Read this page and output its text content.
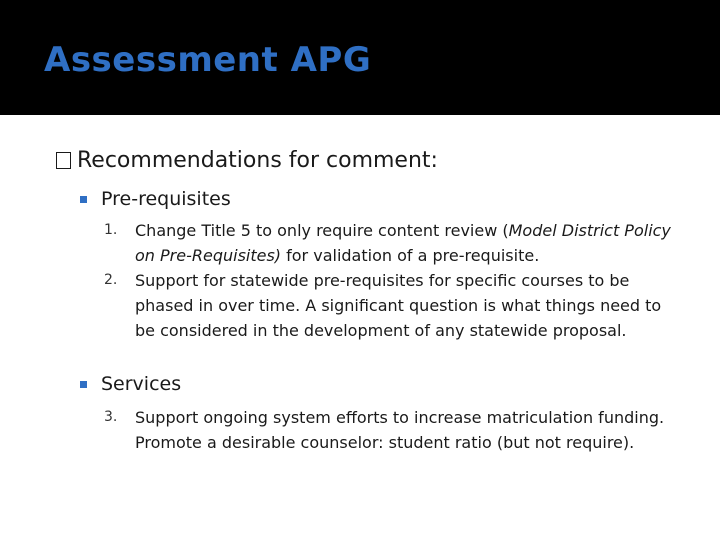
Assessment APG
Recommendations for comment:
Pre-requisites
1.	Change Title 5 to only require content review (Model District Policy on Pre-Requisites) for validation of a pre-requisite.
2.	Support for statewide pre-requisites for specific courses to be phased in over time. A significant question is what things need to be considered in the development of any statewide proposal.
Services
3.	Support ongoing system efforts to increase matriculation funding. Promote a desirable counselor: student ratio (but not require).
